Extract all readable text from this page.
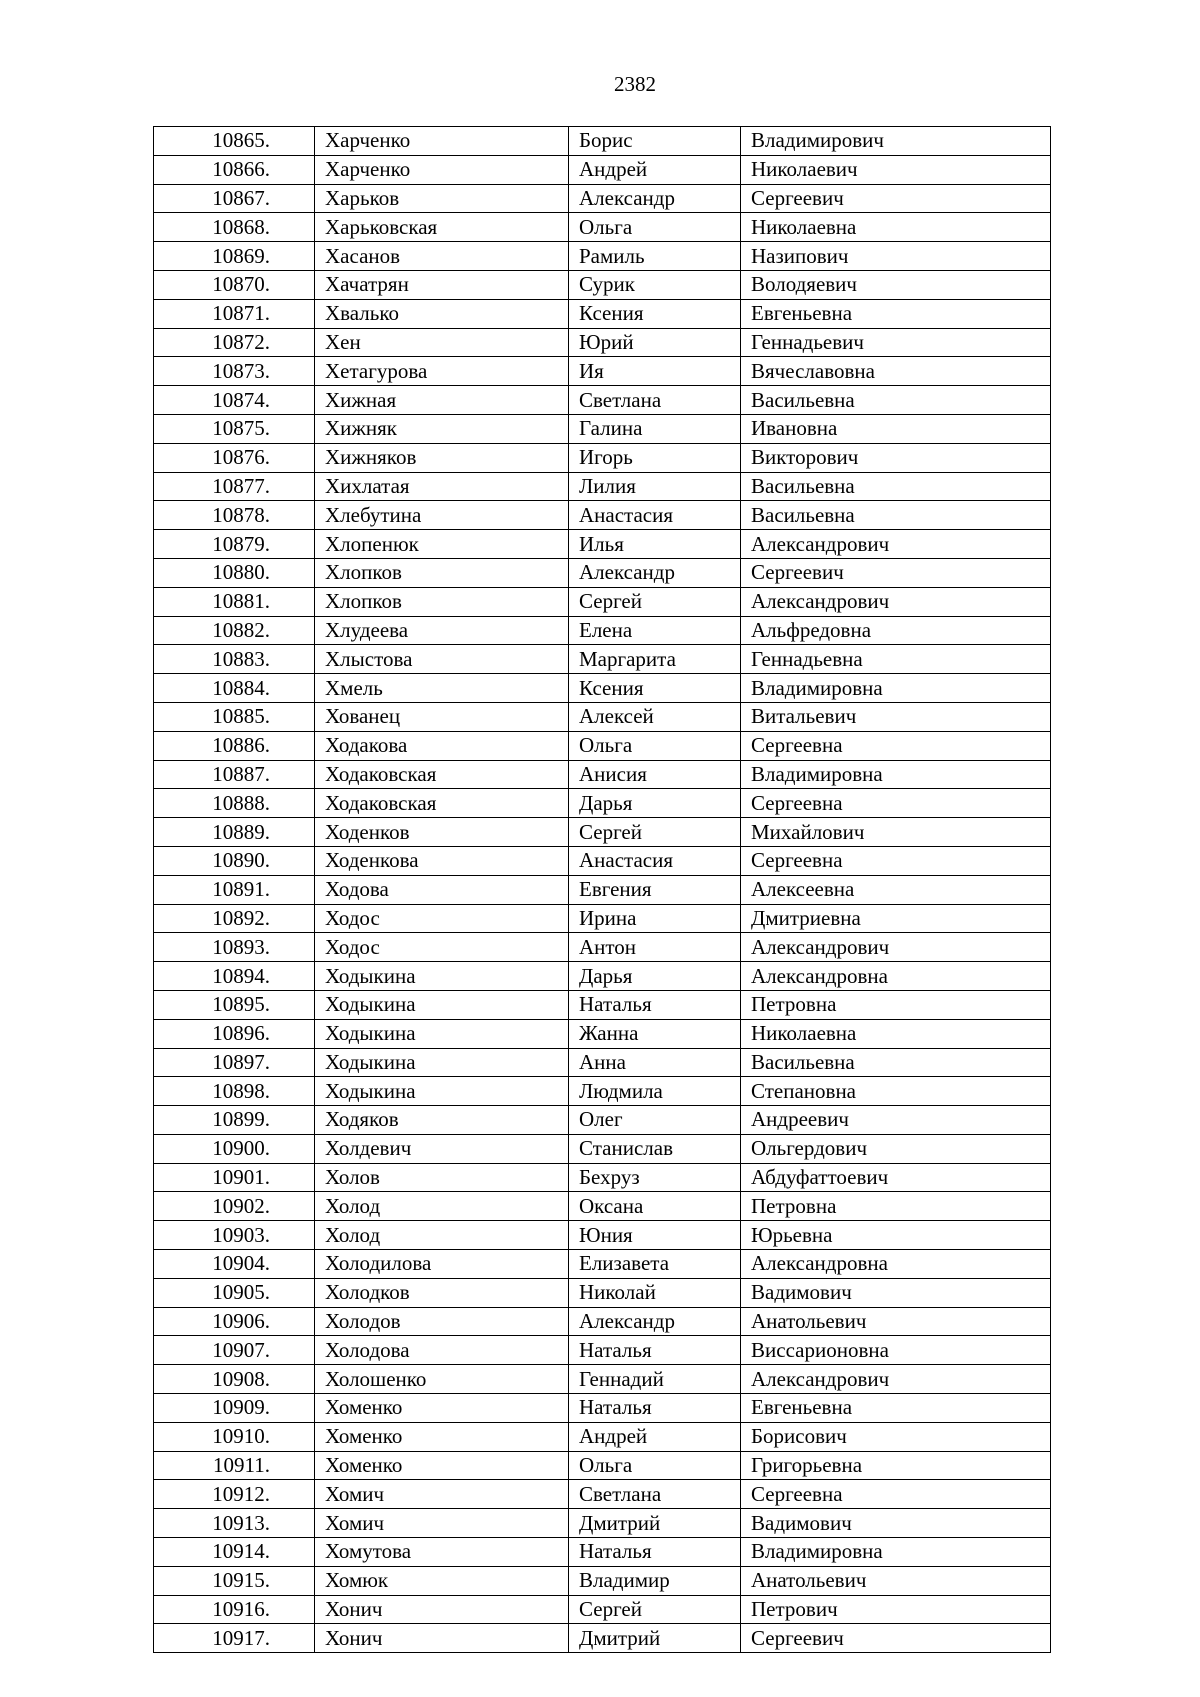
2382
10865.	Харченко	Борис	Владимирович
10866.	Харченко	Андрей	Николаевич
10867.	Харьков	Александр	Сергеевич
10868.	Харьковская	Ольга	Николаевна
10869.	Хасанов	Рамиль	Назипович
10870.	Хачатрян	Сурик	Володяевич
10871.	Хвалько	Ксения	Евгеньевна
10872.	Хен	Юрий	Геннадьевич
10873.	Хетагурова	Ия	Вячеславовна
10874.	Хижная	Светлана	Васильевна
10875.	Хижняк	Галина	Ивановна
10876.	Хижняков	Игорь	Викторович
10877.	Хихлатая	Лилия	Васильевна
10878.	Хлебутина	Анастасия	Васильевна
10879.	Хлопенюк	Илья	Александрович
10880.	Хлопков	Александр	Сергеевич
10881.	Хлопков	Сергей	Александрович
10882.	Хлудеева	Елена	Альфредовна
10883.	Хлыстова	Маргарита	Геннадьевна
10884.	Хмель	Ксения	Владимировна
10885.	Хованец	Алексей	Витальевич
10886.	Ходакова	Ольга	Сергеевна
10887.	Ходаковская	Анисия	Владимировна
10888.	Ходаковская	Дарья	Сергеевна
10889.	Ходенков	Сергей	Михайлович
10890.	Ходенкова	Анастасия	Сергеевна
10891.	Ходова	Евгения	Алексеевна
10892.	Ходос	Ирина	Дмитриевна
10893.	Ходос	Антон	Александрович
10894.	Ходыкина	Дарья	Александровна
10895.	Ходыкина	Наталья	Петровна
10896.	Ходыкина	Жанна	Николаевна
10897.	Ходыкина	Анна	Васильевна
10898.	Ходыкина	Людмила	Степановна
10899.	Ходяков	Олег	Андреевич
10900.	Холдевич	Станислав	Ольгердович
10901.	Холов	Бехруз	Абдуфаттоевич
10902.	Холод	Оксана	Петровна
10903.	Холод	Юния	Юрьевна
10904.	Холодилова	Елизавета	Александровна
10905.	Холодков	Николай	Вадимович
10906.	Холодов	Александр	Анатольевич
10907.	Холодова	Наталья	Виссарионовна
10908.	Холошенко	Геннадий	Александрович
10909.	Хоменко	Наталья	Евгеньевна
10910.	Хоменко	Андрей	Борисович
10911.	Хоменко	Ольга	Григорьевна
10912.	Хомич	Светлана	Сергеевна
10913.	Хомич	Дмитрий	Вадимович
10914.	Хомутова	Наталья	Владимировна
10915.	Хомюк	Владимир	Анатольевич
10916.	Хонич	Сергей	Петрович
10917.	Хонич	Дмитрий	Сергеевич
